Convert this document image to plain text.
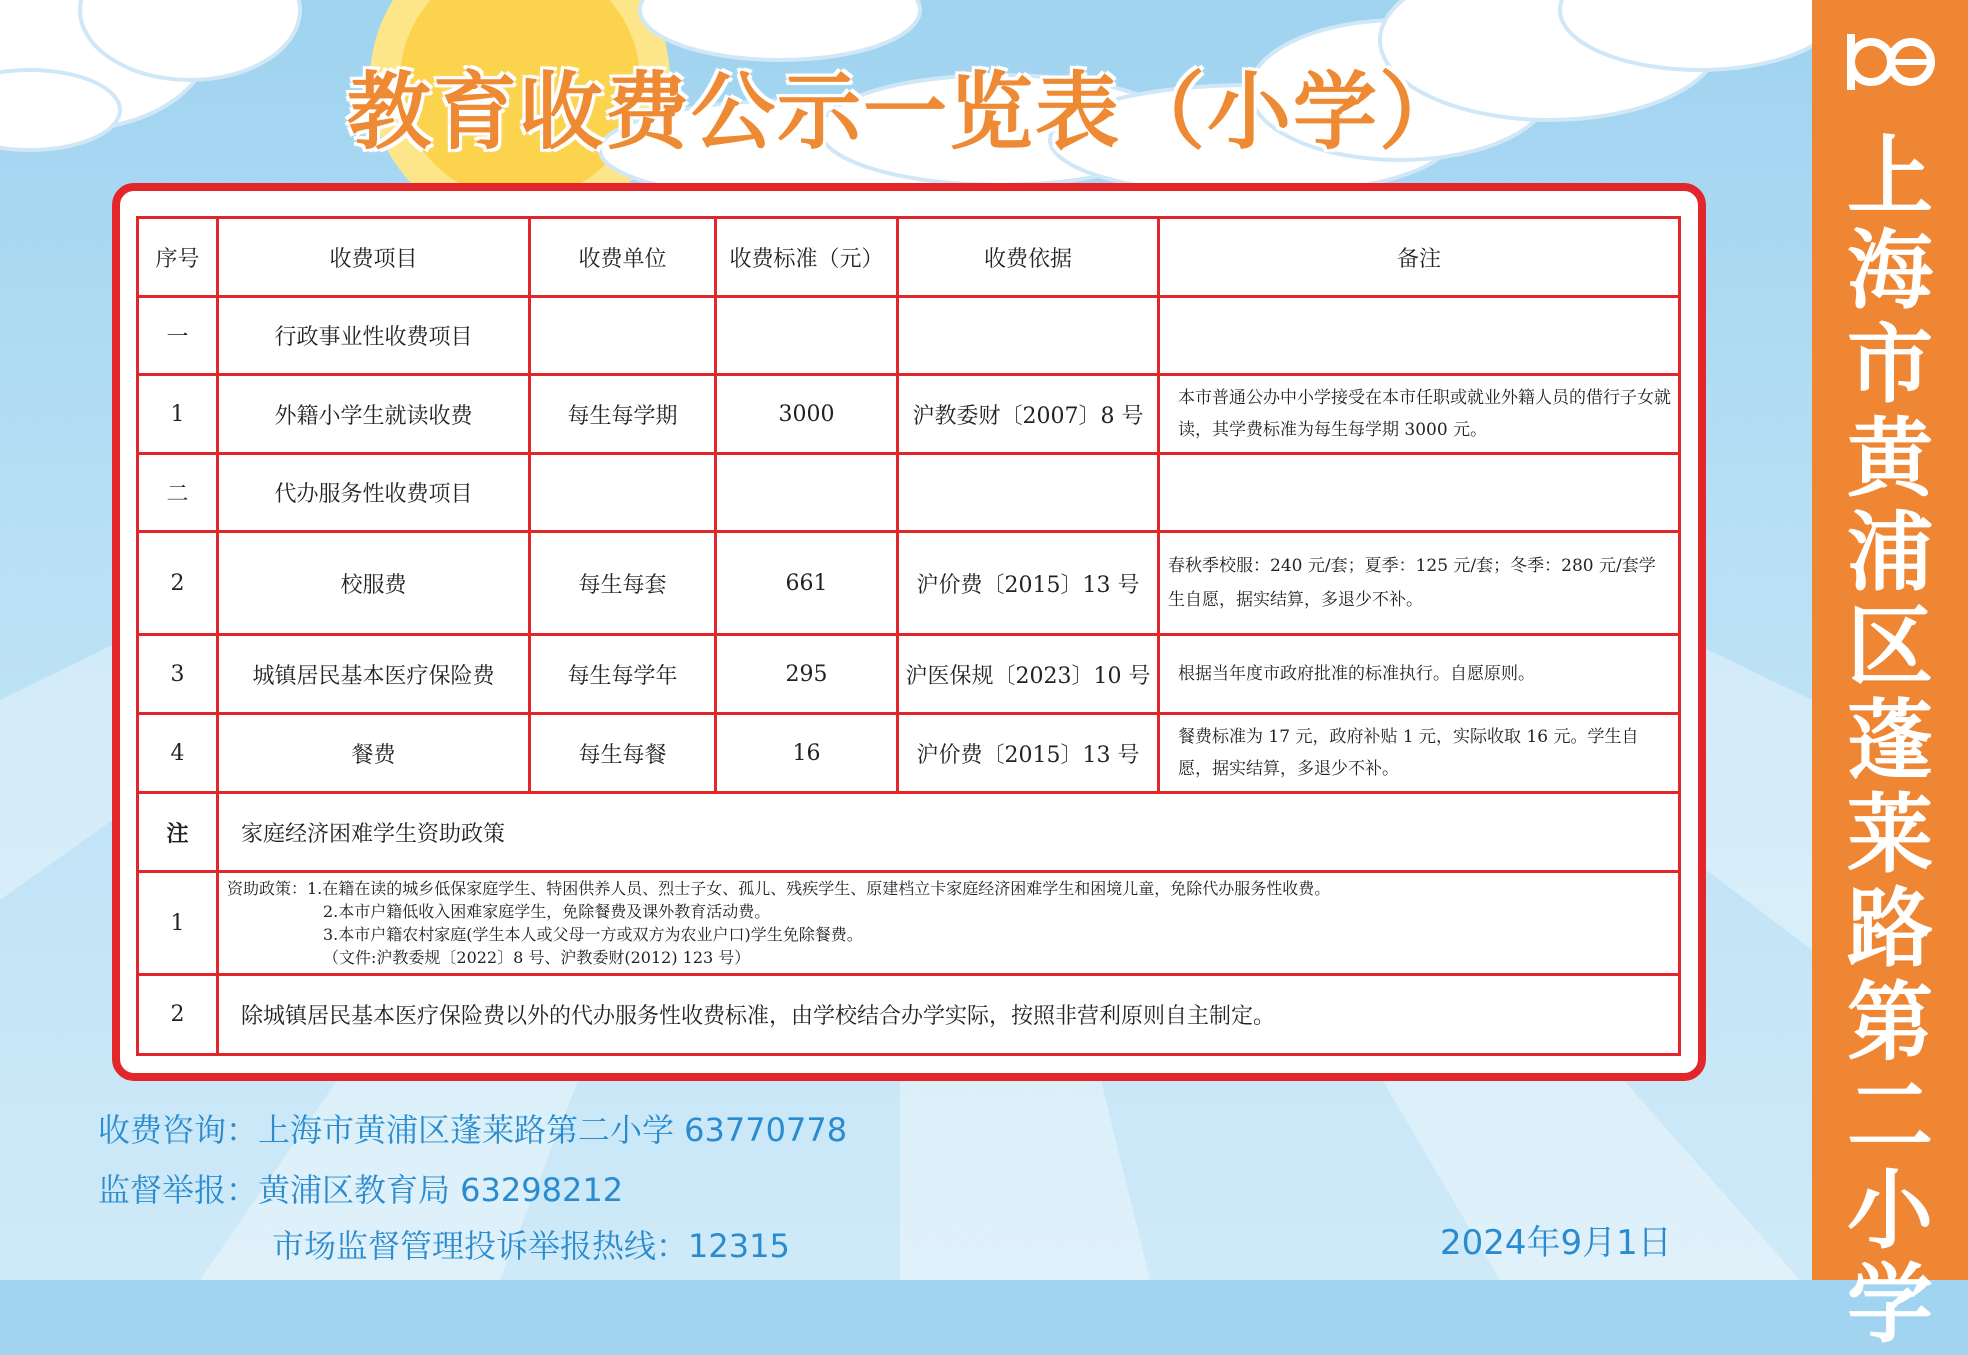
教育收费公示一览表（小学）
上
海
市
黄
浦
区
蓬
莱
路
第
二
小
学
序号	收费项目	收费单位	收费标准（元）	收费依据	备注
一	行政事业性收费项目				
1	外籍小学生就读收费	每生每学期	3000	沪教委财〔2007〕8 号	本市普通公办中小学接受在本市任职或就业外籍人员的借行子女就读，其学费标准为每生每学期 3000 元。
二	代办服务性收费项目				
2	校服费	每生每套	661	沪价费〔2015〕13 号	春秋季校服：240 元/套；夏季：125 元/套；冬季：280 元/套学生自愿，据实结算，多退少不补。
3	城镇居民基本医疗保险费	每生每学年	295	沪医保规〔2023〕10 号	根据当年度市政府批准的标准执行。自愿原则。
4	餐费	每生每餐	16	沪价费〔2015〕13 号	餐费标准为 17 元，政府补贴 1 元，实际收取 16 元。学生自愿，据实结算，多退少不补。
注	家庭经济困难学生资助政策				
1	资助政策：1.在籍在读的城乡低保家庭学生、特困供养人员、烈士子女、孤儿、残疾学生、原建档立卡家庭经济困难学生和困境儿童，免除代办服务性收费。
2.本市户籍低收入困难家庭学生，免除餐费及课外教育活动费。
3.本市户籍农村家庭(学生本人或父母一方或双方为农业户口)学生免除餐费。
（文件:沪教委规〔2022〕8 号、沪教委财(2012) 123 号）				

2	除城镇居民基本医疗保险费以外的代办服务性收费标准，由学校结合办学实际，按照非营利原则自主制定。				
收费咨询：上海市黄浦区蓬莱路第二小学 63770778
监督举报：黄浦区教育局 63298212
市场监督管理投诉举报热线：12315	2024年9月1日
